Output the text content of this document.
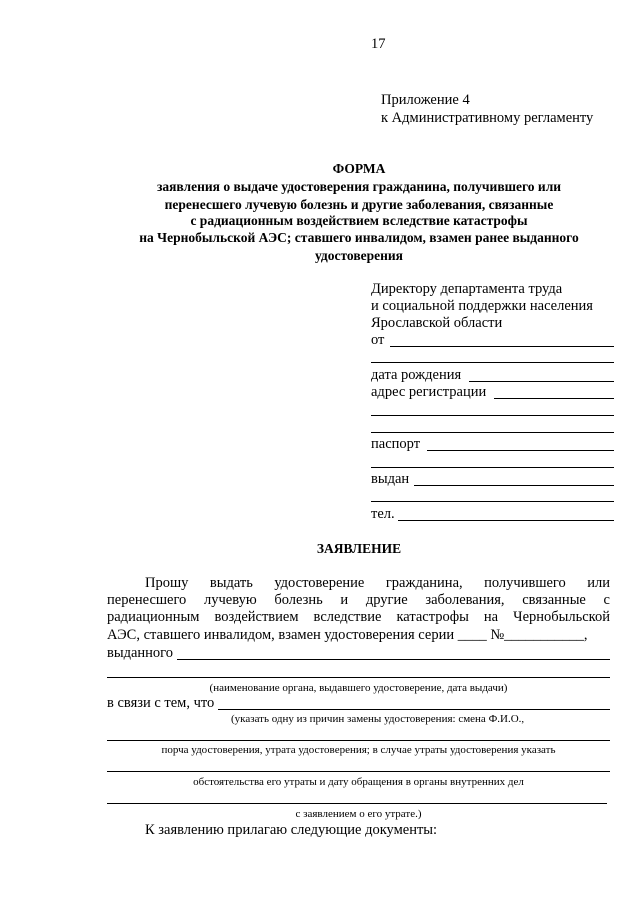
17
Приложение 4
к Административному регламенту
ФОРМА
заявления о выдаче удостоверения гражданина, получившего или
перенесшего лучевую болезнь и другие заболевания, связанные
с радиационным воздействием вследствие катастрофы
на Чернобыльской АЭС; ставшего инвалидом, взамен ранее выданного
удостоверения
Директору департамента труда
и социальной поддержки населения
Ярославской области
от
дата рождения
адрес регистрации
паспорт
выдан
тел.
ЗАЯВЛЕНИЕ
Прошу выдать удостоверение гражданина, получившего или
перенесшего лучевую болезнь и другие заболевания, связанные с
радиационным воздействием вследствие катастрофы на Чернобыльской
АЭС, ставшего инвалидом, взамен удостоверения серии ____ №___________,
выданного
(наименование органа, выдавшего удостоверение, дата выдачи)
в связи с тем, что
(указать одну из причин замены удостоверения: смена Ф.И.О.,
порча удостоверения, утрата удостоверения; в случае утраты удостоверения указать
обстоятельства его утраты и дату обращения в органы внутренних дел
с заявлением о его утрате.)
К заявлению прилагаю следующие документы:
